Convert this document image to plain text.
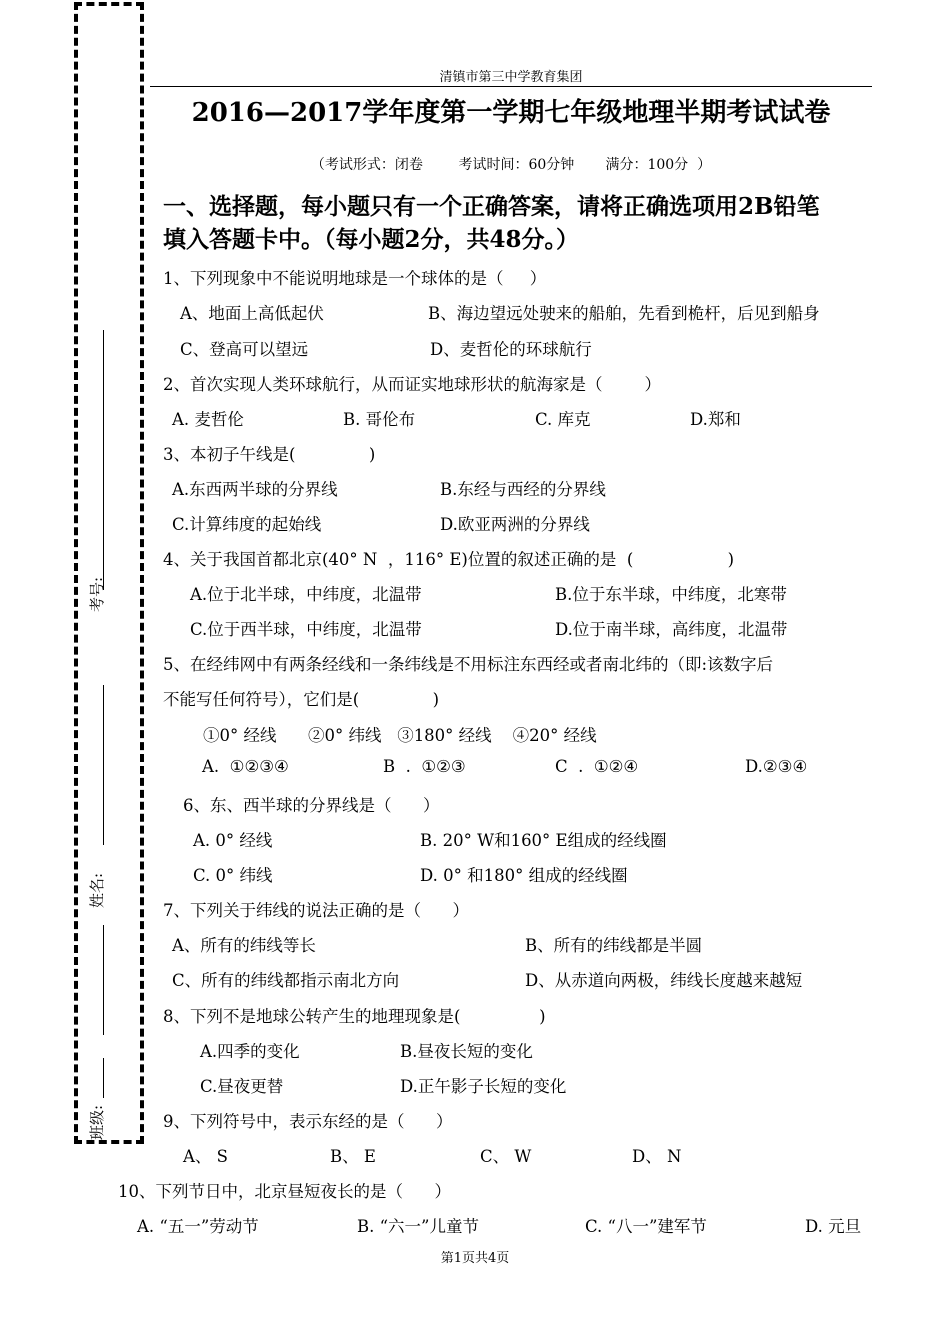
考号:
姓名:
班级:
清镇市第三中学教育集团
2016—2017学年度第一学期七年级地理半期考试试卷
（考试形式：闭卷        考试时间：60分钟       满分：100分  ）
一、选择题，每小题只有一个正确答案，请将正确选项用2B铅笔
填入答题卡中。（每小题2分，共48分。）
1、下列现象中不能说明地球是一个球体的是（     ）
A、地面上高低起伏	B、海边望远处驶来的船舶，先看到桅杆，后见到船身
C、登高可以望远	D、麦哲伦的环球航行
2、首次实现人类环球航行，从而证实地球形状的航海家是（        ）
A. 麦哲伦	B. 哥伦布	C. 库克	D.郑和
3、本初子午线是(              )
A.东西两半球的分界线	B.东经与西经的分界线
C.计算纬度的起始线	D.欧亚两洲的分界线
4、关于我国首都北京(40° N  ，116° E)位置的叙述正确的是  (                  )
A.位于北半球，中纬度，北温带	B.位于东半球，中纬度，北寒带
C.位于西半球，中纬度，北温带	D.位于南半球，高纬度，北温带
5、在经纬网中有两条经线和一条纬线是不用标注东西经或者南北纬的（即:该数字后
不能写任何符号），它们是(              )
①0° 经线      ②0° 纬线   ③180° 经线    ④20° 经线
A.  ①②③④	B  .  ①②③	C  .  ①②④	D.②③④
6、东、西半球的分界线是（      ）
A. 0° 经线	B. 20° W和160° E组成的经线圈
C. 0° 纬线	D. 0° 和180° 组成的经线圈
7、下列关于纬线的说法正确的是（      ）
A、所有的纬线等长	B、所有的纬线都是半圆
C、所有的纬线都指示南北方向	D、从赤道向两极，纬线长度越来越短
8、下列不是地球公转产生的地理现象是(               )
A.四季的变化	B.昼夜长短的变化
C.昼夜更替	D.正午影子长短的变化
9、下列符号中，表示东经的是（      ）
A、 S	B、 E	C、 W	D、 N
10、下列节日中，北京昼短夜长的是（      ）
A. “五一”劳动节	B. “六一”儿童节	C. “八一”建军节	D. 元旦
第1页共4页
